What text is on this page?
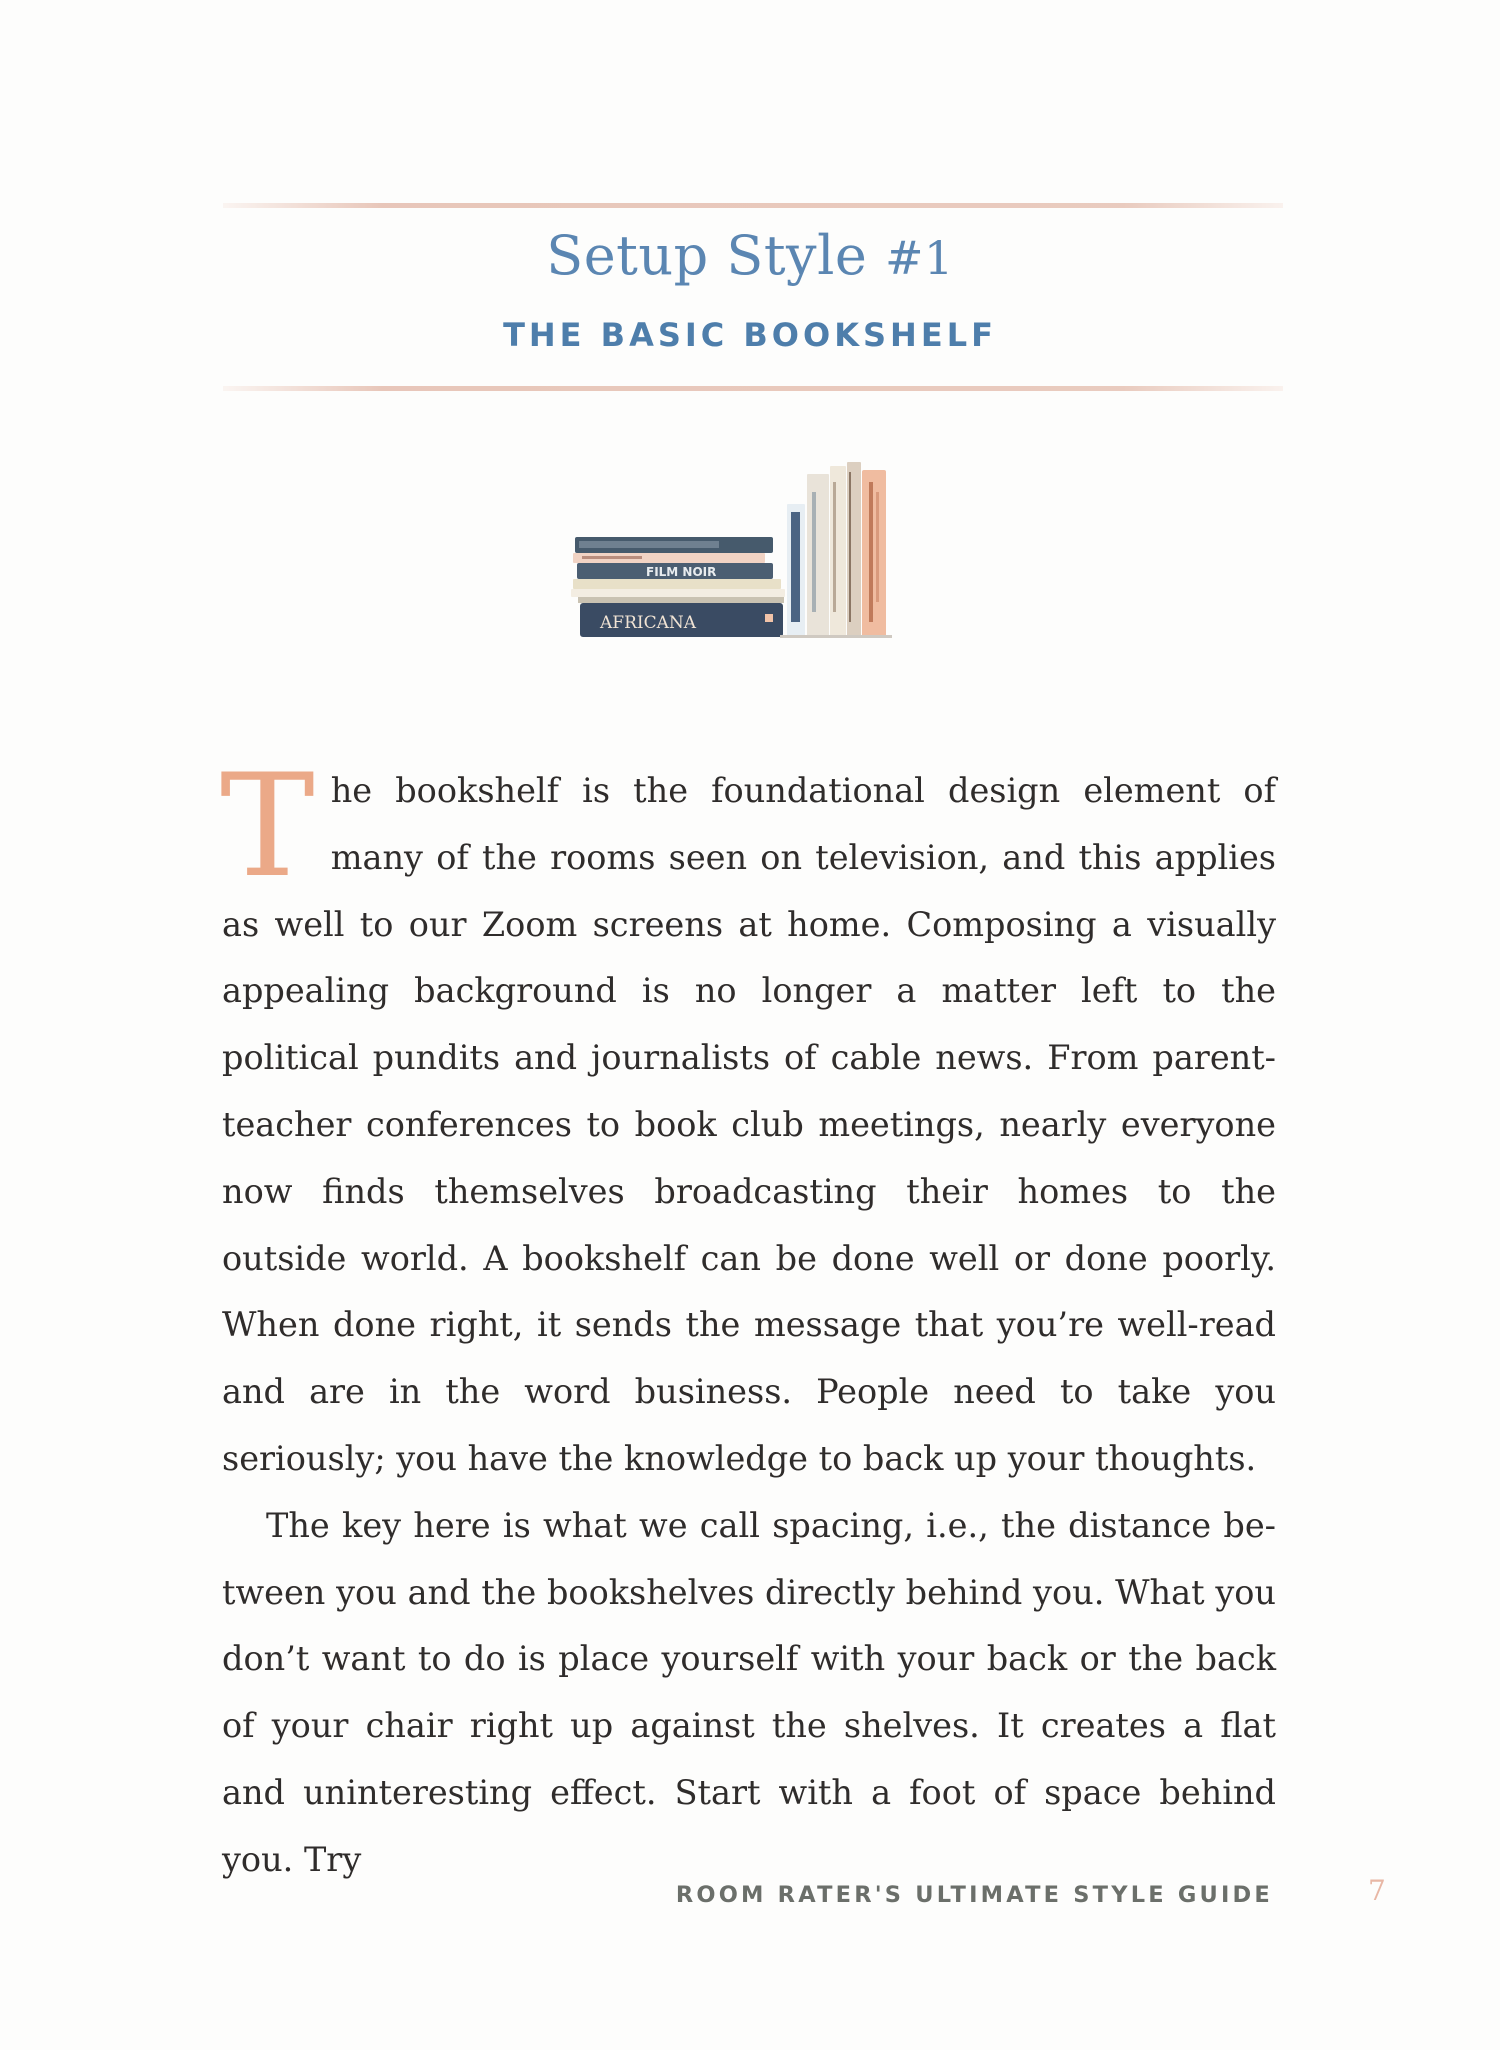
Setup Style #1
THE BASIC BOOKSHELF
FILM NOIR
AFRICANA

The bookshelf is the foundational design element of many of the rooms seen on television, and this applies as well to our Zoom screens at home. Composing a visually appealing background is no longer a matter left to the political pundits and journalists of cable news. From parent-teacher conferences to book club meetings, nearly everyone now finds themselves broadcasting their homes to the outside world. A bookshelf can be done well or done poorly. When done right, it sends the message that you’re well-read and are in the word business. People need to take you seriously; you have the knowledge to back up your thoughts.

The key here is what we call spacing, i.e., the distance between you and the bookshelves directly behind you. What you don’t want to do is place yourself with your back or the back of your chair right up against the shelves. It creates a flat and uninteresting effect. Start with a foot of space behind you. Try

ROOM RATER'S ULTIMATE STYLE GUIDE	7
